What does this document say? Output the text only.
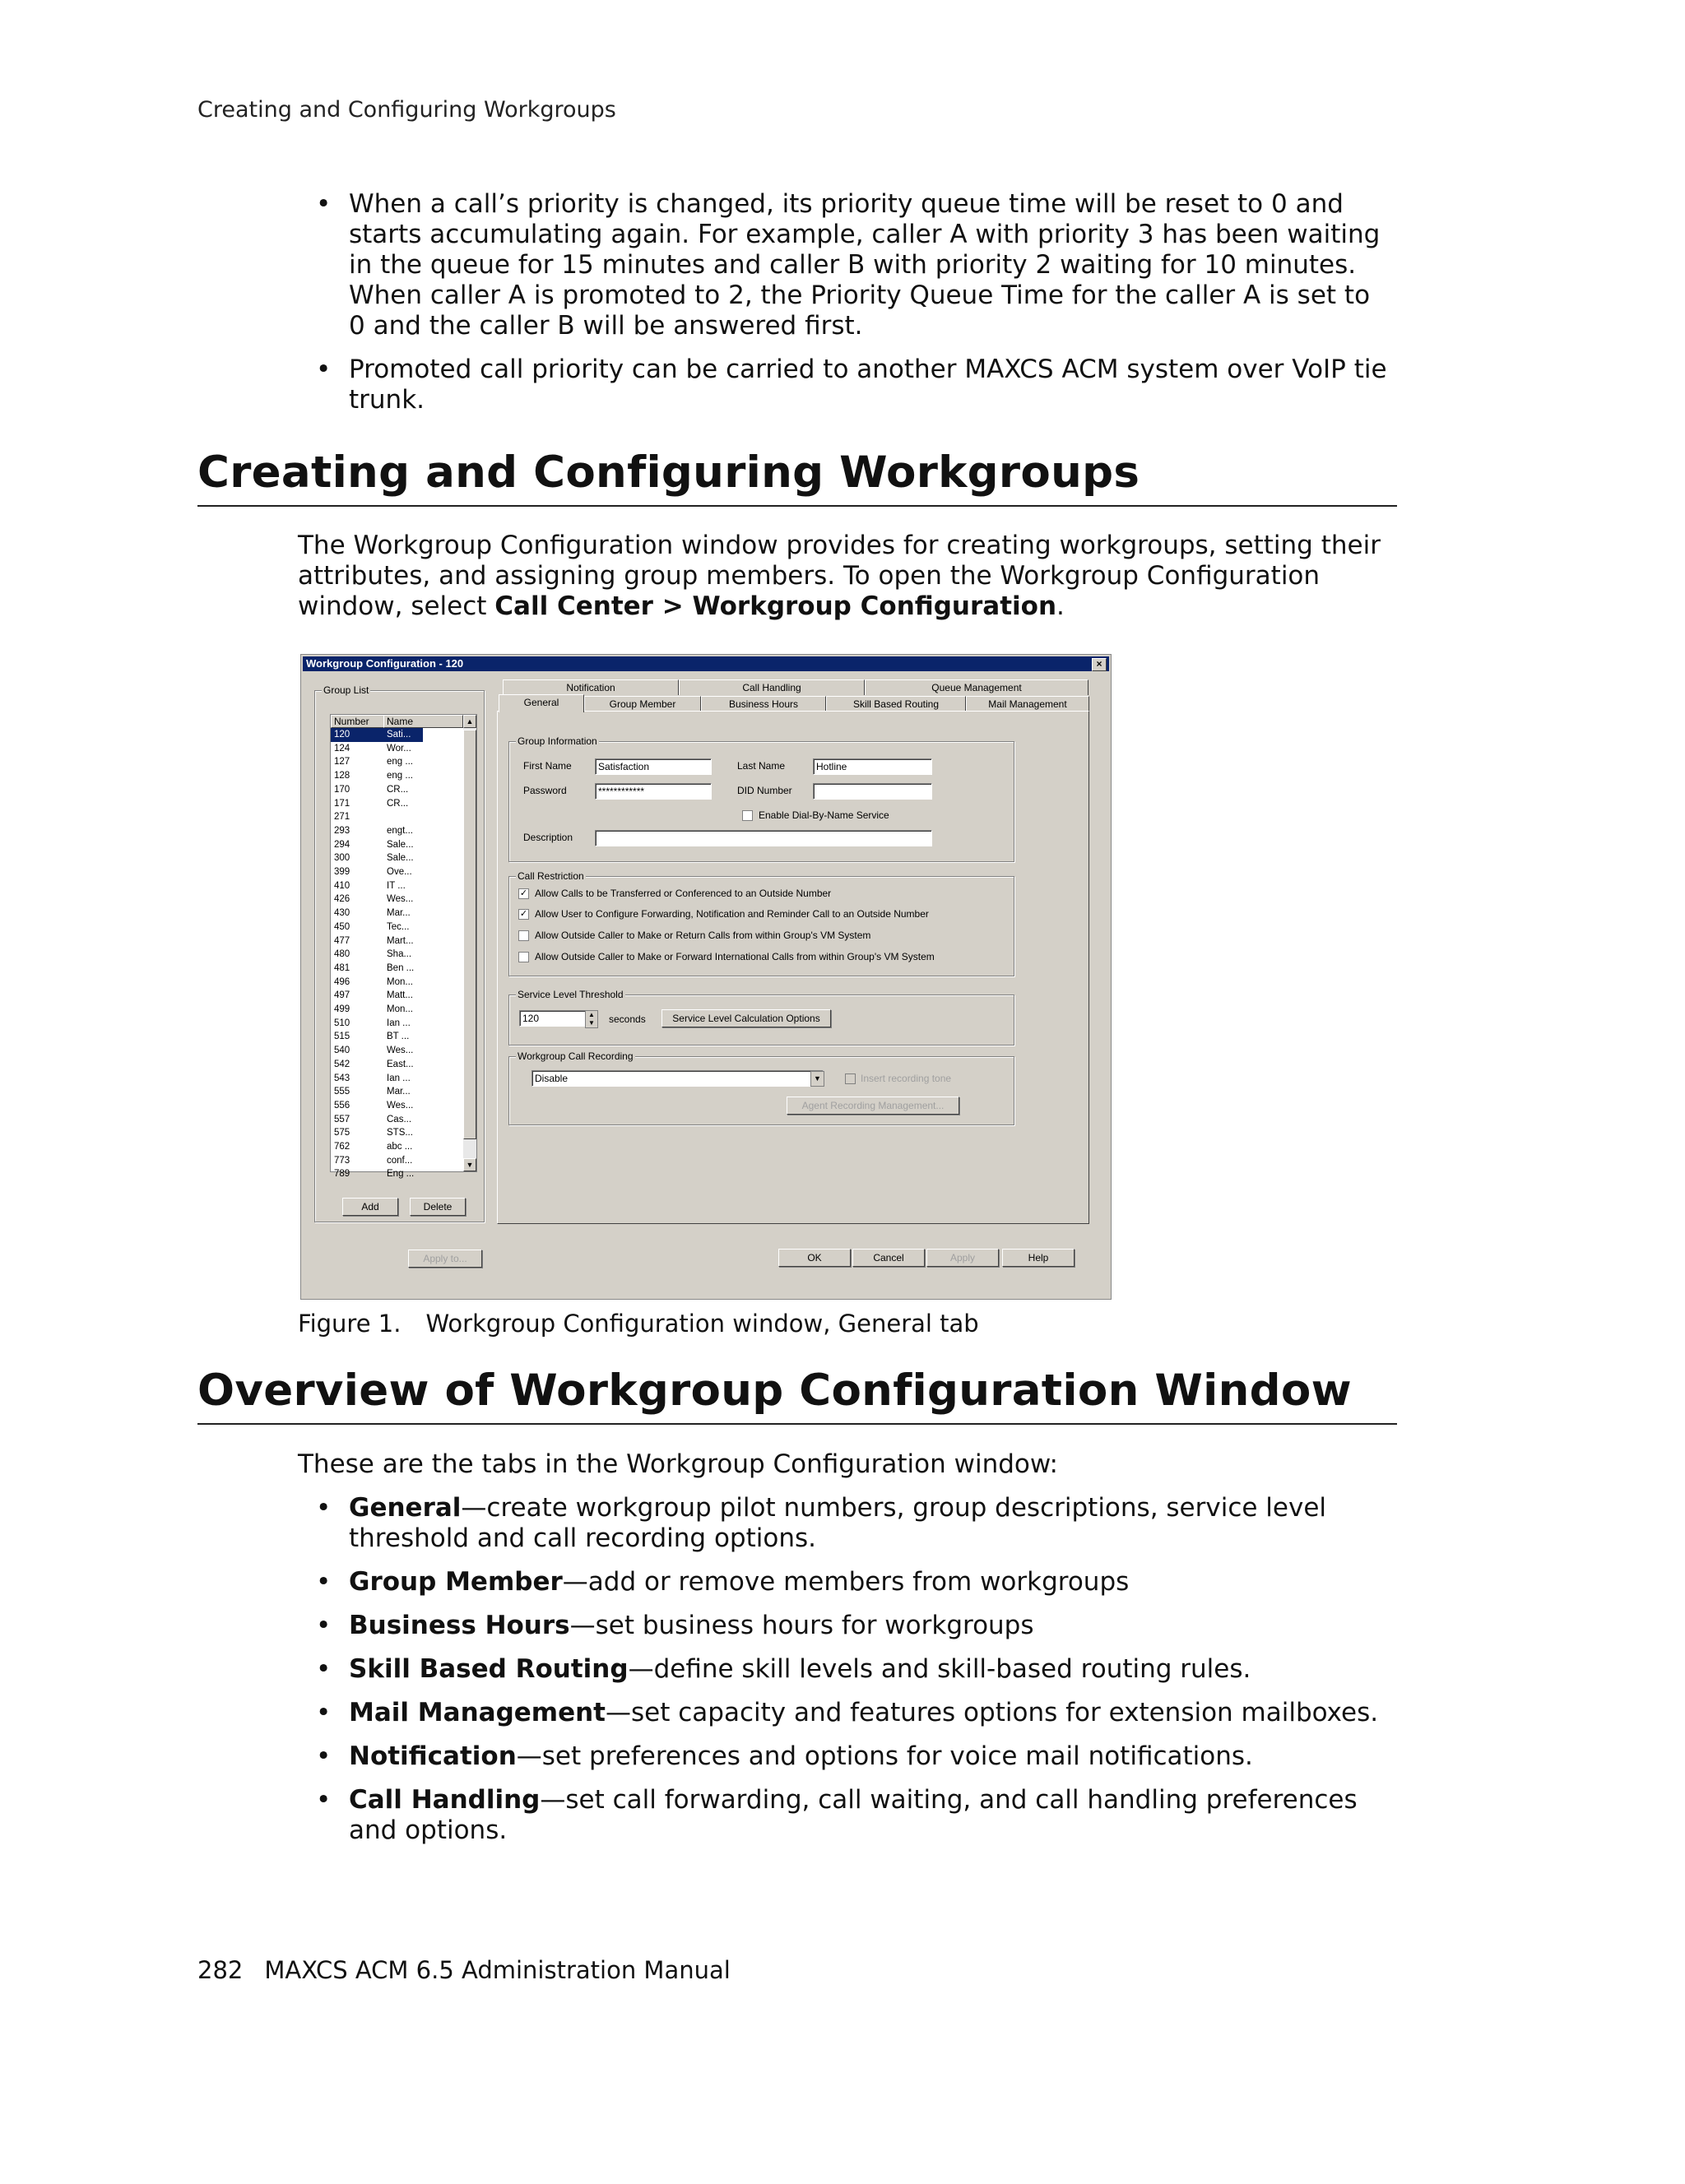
Creating and Configuring Workgroups
• When a call’s priority is changed, its priority queue time will be reset to 0 and starts accumulating again. For example, caller A with priority 3 has been waiting in the queue for 15 minutes and caller B with priority 2 waiting for 10 minutes. When caller A is promoted to 2, the Priority Queue Time for the caller A is set to 0 and the caller B will be answered first.
• Promoted call priority can be carried to another MAXCS ACM system over VoIP tie trunk.
Creating and Configuring Workgroups
The Workgroup Configuration window provides for creating workgroups, setting their attributes, and assigning group members. To open the Workgroup Configuration window, select Call Center > Workgroup Configuration.
Workgroup Configuration - 120	×
Group List
Number	Name
120	Sati...
124	Wor...
127	eng ...
128	eng ...
170	CR...
171	CR...
271
293	engt...
294	Sale...
300	Sale...
399	Ove...
410	IT ...
426	Wes...
430	Mar...
450	Tec...
477	Mart...
480	Sha...
481	Ben ...
496	Mon...
497	Matt...
499	Mon...
510	Ian ...
515	BT ...
540	Wes...
542	East...
543	Ian ...
555	Mar...
556	Wes...
557	Cas...
575	STS...
762	abc ...
773	conf...
789	Eng ...
▲
▼
Add	Delete
Apply to...
Notification	Call Handling	Queue Management
General	Group Member	Business Hours	Skill Based Routing	Mail Management
Group Information
First Name	Satisfaction	Last Name	Hotline
Password	************	DID Number
Enable Dial-By-Name Service
Description
Call Restriction
✓ Allow Calls to be Transferred or Conferenced to an Outside Number
✓ Allow User to Configure Forwarding, Notification and Reminder Call to an Outside Number
Allow Outside Caller to Make or Return Calls from within Group's VM System
Allow Outside Caller to Make or Forward International Calls from within Group's VM System
Service Level Threshold
120	▲
▼	seconds	Service Level Calculation Options
Workgroup Call Recording
Disable	▼	Insert recording tone
Agent Recording Management...
OK	Cancel	Apply	Help
Figure 1. Workgroup Configuration window, General tab
Overview of Workgroup Configuration Window
These are the tabs in the Workgroup Configuration window:
• General—create workgroup pilot numbers, group descriptions, service level threshold and call recording options.
• Group Member—add or remove members from workgroups
• Business Hours—set business hours for workgroups
• Skill Based Routing—define skill levels and skill-based routing rules.
• Mail Management—set capacity and features options for extension mailboxes.
• Notification—set preferences and options for voice mail notifications.
• Call Handling—set call forwarding, call waiting, and call handling preferences and options.
282 MAXCS ACM 6.5 Administration Manual
